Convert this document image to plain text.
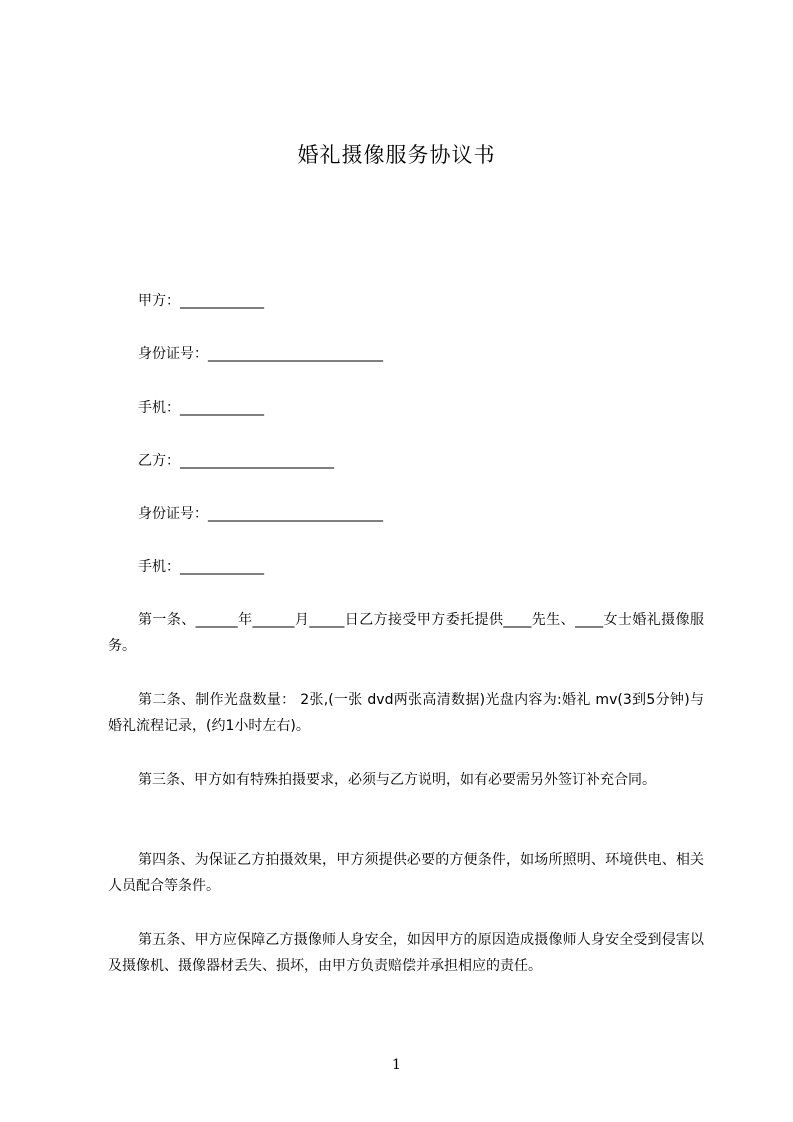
婚礼摄像服务协议书
甲方：____________
身份证号：_________________________
手机：____________
乙方：______________________
身份证号：_________________________
手机：____________
第一条、______年______月_____日乙方接受甲方委托提供____先生、____女士婚礼摄像服务。
第二条、制作光盘数量： 2张,(一张 dvd两张高清数据)光盘内容为:婚礼 mv(3到5分钟)与婚礼流程记录，(约1小时左右)。
第三条、甲方如有特殊拍摄要求，必须与乙方说明，如有必要需另外签订补充合同。
第四条、为保证乙方拍摄效果，甲方须提供必要的方便条件，如场所照明、环境供电、相关人员配合等条件。
第五条、甲方应保障乙方摄像师人身安全，如因甲方的原因造成摄像师人身安全受到侵害以及摄像机、摄像器材丢失、损坏，由甲方负责赔偿并承担相应的责任。
1
